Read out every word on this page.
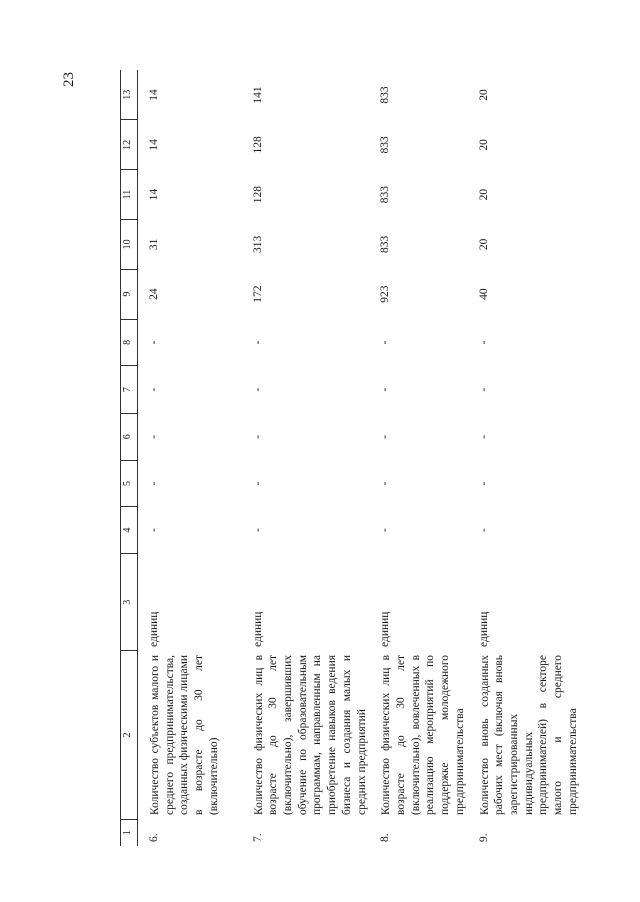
23
1	2	3	4	5	6	7	8	9	10	11	12	13
6.	Количество субъектов малого и среднего предпринимательства, созданных физическими лицами в возрасте до 30 лет (включительно)	единиц	-	-	-	-	-	24	31	14	14	14
7.	Количество физических лиц в возрасте до 30 лет (включительно), завершивших обучение по образовательным программам, направленным на приобретение навыков ведения бизнеса и создания малых и средних предприятий	единиц	-	-	-	-	-	172	313	128	128	141
8.	Количество физических лиц в возрасте до 30 лет (включительно), вовлеченных в реализацию мероприятий по поддержке молодежного предпринимательства	единиц	-	-	-	-	-	923	833	833	833	833
9.	Количество вновь созданных рабочих мест (включая вновь зарегистрированных индивидуальных предпринимателей) в секторе малого и среднего предпринимательства	единиц	-	-	-	-	-	40	20	20	20	20
